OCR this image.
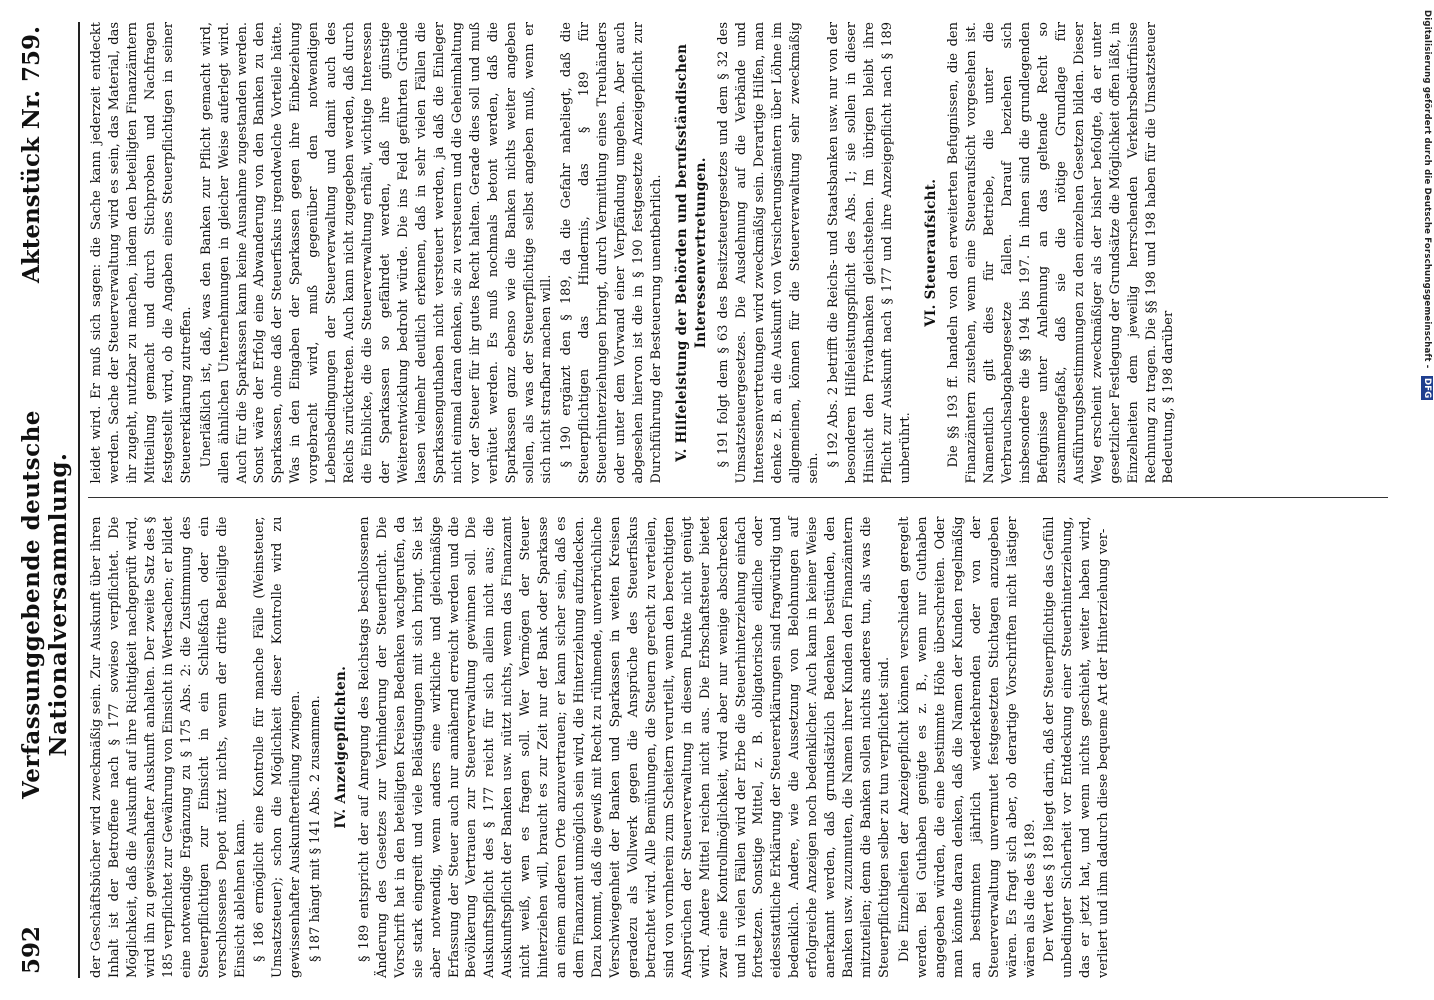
592
Verfassunggebende deutsche Nationalversammlung.
Aktenstück Nr. 759.

der Geschäftsbücher wird zweckmäßig sein. Zur Auskunft über ihren Inhalt ist der Betroffene nach § 177 sowieso verpflichtet. Die Möglichkeit, daß die Auskunft auf ihre Richtigkeit nachgeprüft wird, wird ihn zu gewissenhafter Auskunft anhalten. Der zweite Satz des § 185 verpflichtet zur Gewährung von Einsicht in Wertsachen; er bildet eine notwendige Ergänzung zu § 175 Abs. 2: die Zustimmung des Steuerpflichtigen zur Einsicht in ein Schließfach oder ein verschlossenes Depot nützt nichts, wenn der dritte Beteiligte die Einsicht ablehnen kann. § 186 ermöglicht eine Kontrolle für manche Fälle (Weinsteuer, Umsatzsteuer); schon die Möglichkeit dieser Kontrolle wird zu gewissenhafter Auskunfterteilung zwingen. § 187 hängt mit § 141 Abs. 2 zusammen. IV. Anzeigepflichten. § 189 entspricht der auf Anregung des Reichstags beschlossenen Änderung des Gesetzes zur Verhinderung der Steuerflucht. Die Vorschrift hat in den beteiligten Kreisen Bedenken wachgerufen, da sie stark eingreift und viele Belästigungen mit sich bringt. Sie ist aber notwendig, wenn anders eine wirkliche und gleichmäßige Erfassung der Steuer auch nur annähernd erreicht werden und die Bevölkerung Vertrauen zur Steuerverwaltung gewinnen soll. Die Auskunftspflicht des § 177 reicht für sich allein nicht aus; die Auskunftspflicht der Banken usw. nützt nichts, wenn das Finanzamt nicht weiß, wen es fragen soll. Wer Vermögen der Steuer hinterziehen will, braucht es zur Zeit nur der Bank oder Sparkasse an einem anderen Orte anzuvertrauen; er kann sicher sein, daß es dem Finanzamt unmöglich sein wird, die Hinterziehung aufzudecken. Dazu kommt, daß die gewiß mit Recht zu rühmende, unverbrüchliche Verschwiegenheit der Banken und Sparkassen in weiten Kreisen geradezu als Vollwerk gegen die Ansprüche des Steuerfiskus betrachtet wird. Alle Bemühungen, die Steuern gerecht zu verteilen, sind von vornherein zum Scheitern verurteilt, wenn den berechtigten Ansprüchen der Steuerverwaltung in diesem Punkte nicht genügt wird. Andere Mittel reichen nicht aus. Die Erbschaftsteuer bietet zwar eine Kontrollmöglichkeit, wird aber nur wenige abschrecken und in vielen Fällen wird der Erbe die Steuerhinterziehung einfach fortsetzen. Sonstige Mittel, z. B. obligatorische eidliche oder eidesstattliche Erklärung der Steuererklärungen sind fragwürdig und bedenklich. Andere, wie die Aussetzung von Belohnungen auf erfolgreiche Anzeigen noch bedenklicher. Auch kann in keiner Weise anerkannt werden, daß grundsätzlich Bedenken bestünden, den Banken usw. zuzumuten, die Namen ihrer Kunden den Finanzämtern mitzuteilen; denn die Banken sollen nichts anderes tun, als was die Steuerpflichtigen selber zu tun verpflichtet sind. Die Einzelheiten der Anzeigepflicht können verschieden geregelt werden. Bei Guthaben genügte es z. B., wenn nur Guthaben angegeben würden, die eine bestimmte Höhe überschreiten. Oder man könnte daran denken, daß die Namen der Kunden regelmäßig an bestimmten jährlich wiederkehrenden oder von der Steuerverwaltung unvermutet festgesetzten Stichtagen anzugeben wären. Es fragt sich aber, ob derartige Vorschriften nicht lästiger wären als die des § 189. Der Wert des § 189 liegt darin, daß der Steuerpflichtige das Gefühl unbedingter Sicherheit vor Entdeckung einer Steuerhinterziehung, das er jetzt hat, und wenn nichts geschieht, weiter haben wird, verliert und ihm dadurch diese bequeme Art der Hinterziehung ver-

leidet wird. Er muß sich sagen: die Sache kann jederzeit entdeckt werden. Sache der Steuerverwaltung wird es sein, das Material, das ihr zugeht, nutzbar zu machen, indem den beteiligten Finanzämtern Mitteilung gemacht und durch Stichproben und Nachfragen festgestellt wird, ob die Angaben eines Steuerpflichtigen in seiner Steuererklärung zutreffen. Unerläßlich ist, daß, was den Banken zur Pflicht gemacht wird, allen ähnlichen Unternehmungen in gleicher Weise auferlegt wird. Auch für die Sparkassen kann keine Ausnahme zugestanden werden. Sonst wäre der Erfolg eine Abwanderung von den Banken zu den Sparkassen, ohne daß der Steuerfiskus irgendwelche Vorteile hätte. Was in den Eingaben der Sparkassen gegen ihre Einbeziehung vorgebracht wird, muß gegenüber den notwendigen Lebensbedingungen der Steuerverwaltung und damit auch des Reichs zurücktreten. Auch kann nicht zugegeben werden, daß durch die Einblicke, die die Steuerverwaltung erhält, wichtige Interessen der Sparkassen so gefährdet werden, daß ihre günstige Weiterentwicklung bedroht würde. Die ins Feld geführten Gründe lassen vielmehr deutlich erkennen, daß in sehr vielen Fällen die Sparkassenguthaben nicht versteuert werden, ja daß die Einleger nicht einmal daran denken, sie zu versteuern und die Geheimhaltung vor der Steuer für ihr gutes Recht halten. Gerade dies soll und muß verhütet werden. Es muß nochmals betont werden, daß die Sparkassen ganz ebenso wie die Banken nichts weiter angeben sollen, als was der Steuerpflichtige selbst angeben muß, wenn er sich nicht strafbar machen will. § 190 ergänzt den § 189, da die Gefahr naheliegt, daß die Steuerpflichtigen das Hindernis, das § 189 für Steuerhinterziehungen bringt, durch Vermittlung eines Treuhänders oder unter dem Vorwand einer Verpfändung umgehen. Aber auch abgesehen hiervon ist die in § 190 festgesetzte Anzeigepflicht zur Durchführung der Besteuerung unentbehrlich. V. Hilfeleistung der Behörden und berufsständischen Interessenvertretungen. § 191 folgt dem § 63 des Besitzsteuergesetzes und dem § 32 des Umsatzsteuergesetzes. Die Ausdehnung auf die Verbände und Interessenvertretungen wird zweckmäßig sein. Derartige Hilfen, man denke z. B. an die Auskunft von Versicherungsämtern über Löhne im allgemeinen, können für die Steuerverwaltung sehr zweckmäßig sein.

§ 192 Abs. 2 betrifft die Reichs- und Staatsbanken usw. nur von der besonderen Hilfeleistungspflicht des Abs. 1; sie sollen in dieser Hinsicht den Privatbanken gleichstehen. Im übrigen bleibt ihre Pflicht zur Auskunft nach § 177 und ihre Anzeigepflicht nach § 189 unberührt.

VI. Steueraufsicht. Die §§ 193 ff. handeln von den erweiterten Befugnissen, die den Finanzämtern zustehen, wenn eine Steueraufsicht vorgesehen ist. Namentlich gilt dies für Betriebe, die unter die Verbrauchsabgabengesetze fallen. Darauf beziehen sich insbesondere die §§ 194 bis 197. In ihnen sind die grundlegenden Befugnisse unter Anlehnung an das geltende Recht so zusammengefaßt, daß sie die nötige Grundlage für Ausführungsbestimmungen zu den einzelnen Gesetzen bilden. Dieser Weg erscheint zweckmäßiger als der bisher befolgte, da er unter gesetzlicher Festlegung der Grundsätze die Möglichkeit offen läßt, in Einzelheiten dem jeweilig herrschenden Verkehrsbedürfnisse Rechnung zu tragen. Die §§ 198 und 198 haben für die Umsatzsteuer Bedeutung, § 198 darüber

Digitalisierung gefördert durch die Deutsche Forschungsgemeinschaft - DFG
